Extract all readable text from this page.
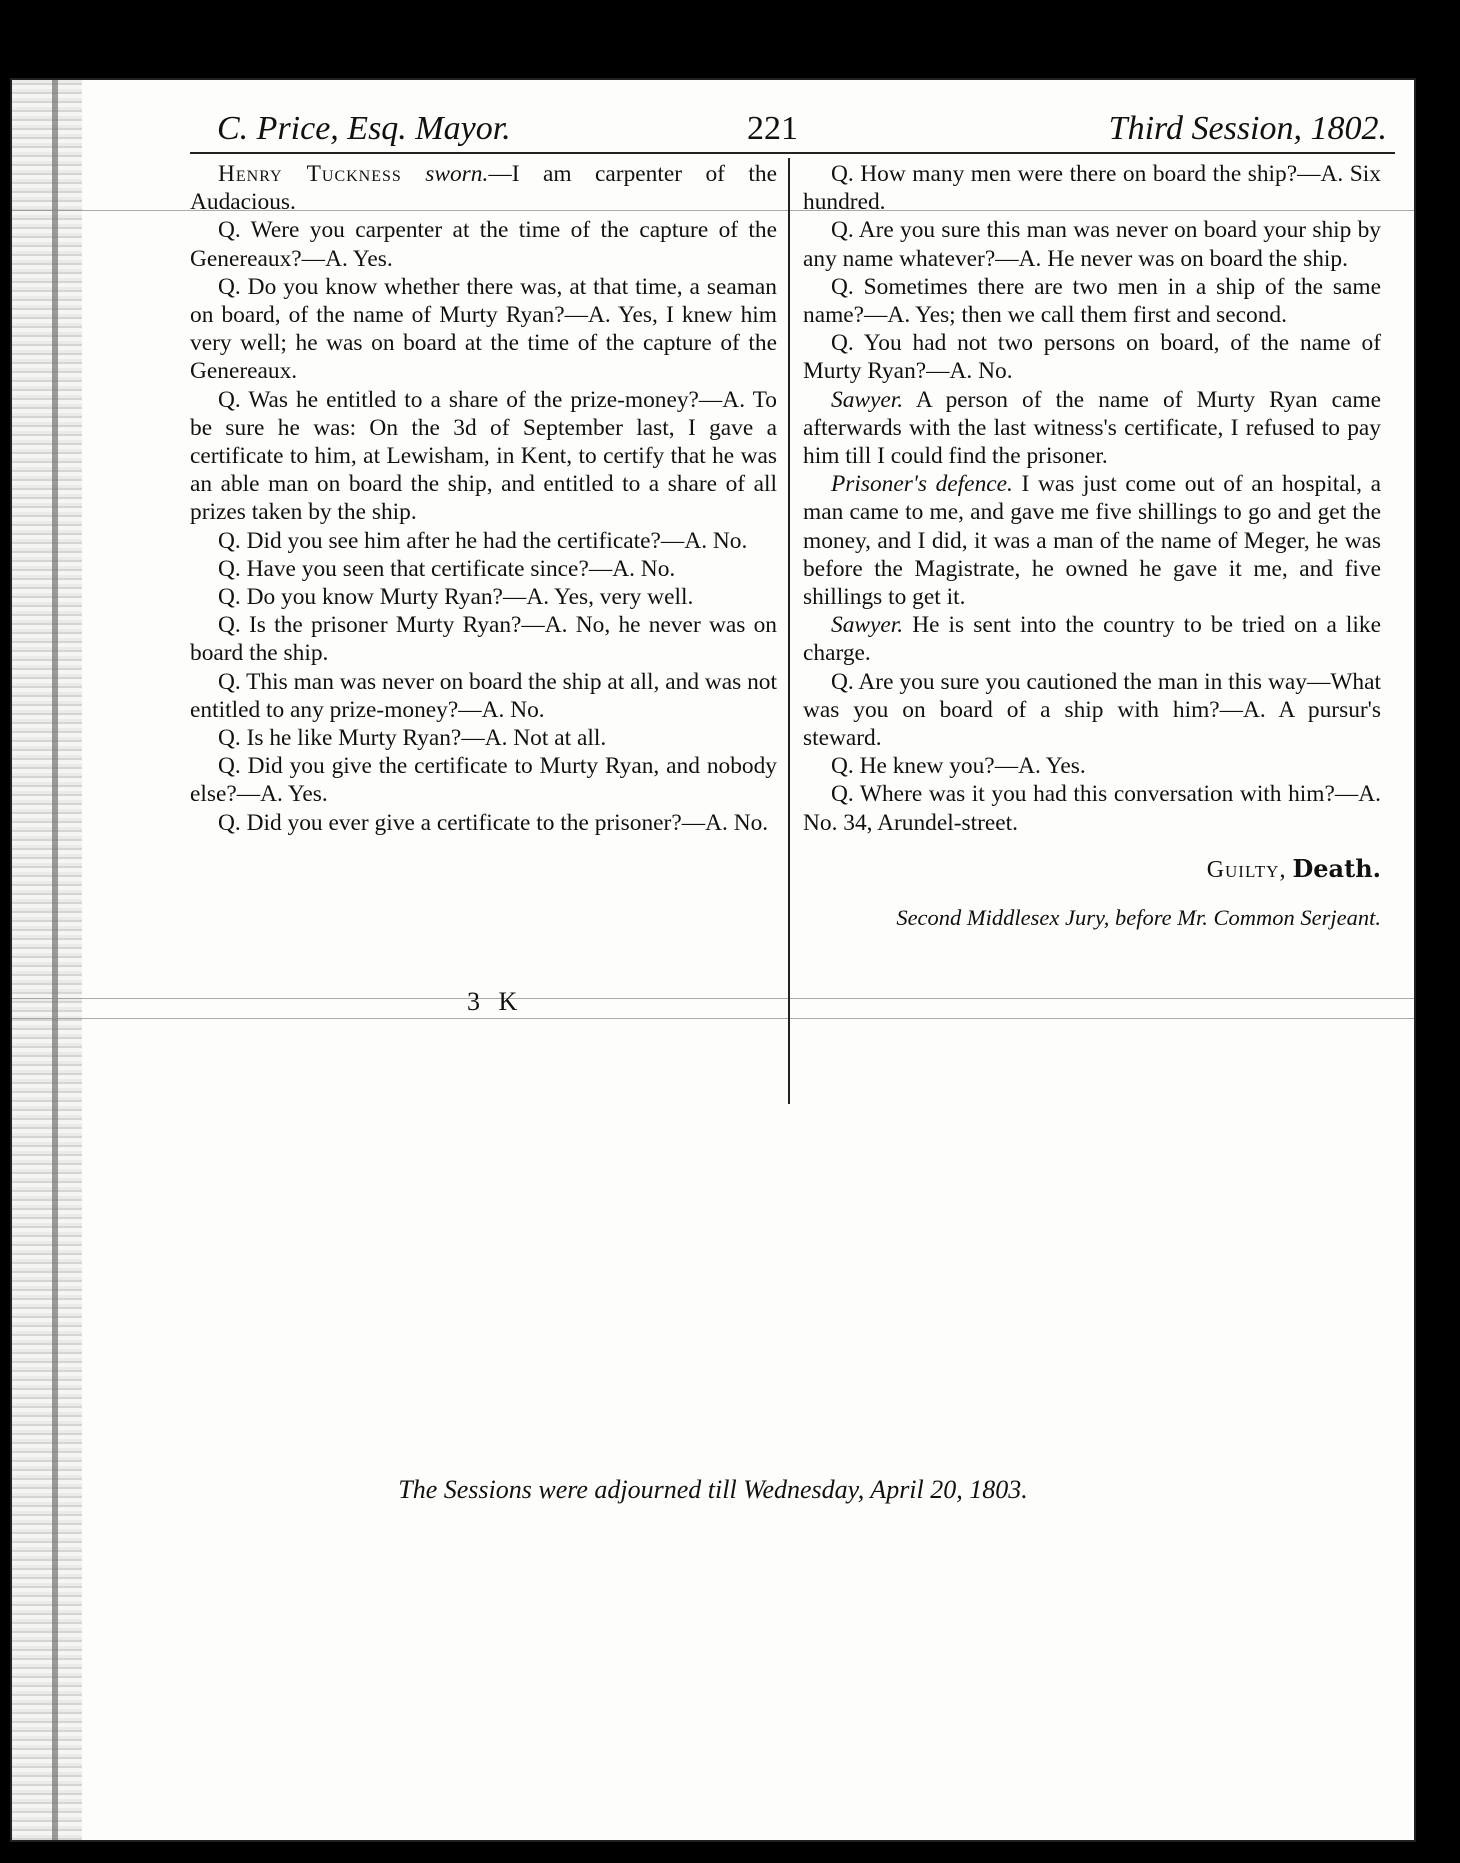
C. Price, Esq. Mayor.	221	Third Session, 1802.

Henry Tuckness sworn.—I am carpenter of the Audacious.

Q. Were you carpenter at the time of the capture of the Genereaux?—A. Yes.

Q. Do you know whether there was, at that time, a seaman on board, of the name of Murty Ryan?—A. Yes, I knew him very well; he was on board at the time of the capture of the Genereaux.

Q. Was he entitled to a share of the prize-money?—A. To be sure he was: On the 3d of September last, I gave a certificate to him, at Lewisham, in Kent, to certify that he was an able man on board the ship, and entitled to a share of all prizes taken by the ship.

Q. Did you see him after he had the certificate?—A. No.

Q. Have you seen that certificate since?—A. No.

Q. Do you know Murty Ryan?—A. Yes, very well.

Q. Is the prisoner Murty Ryan?—A. No, he never was on board the ship.

Q. This man was never on board the ship at all, and was not entitled to any prize-money?—A. No.

Q. Is he like Murty Ryan?—A. Not at all.

Q. Did you give the certificate to Murty Ryan, and nobody else?—A. Yes.

Q. Did you ever give a certificate to the prisoner?—A. No.

3 K

Q. How many men were there on board the ship?—A. Six hundred.

Q. Are you sure this man was never on board your ship by any name whatever?—A. He never was on board the ship.

Q. Sometimes there are two men in a ship of the same name?—A. Yes; then we call them first and second.

Q. You had not two persons on board, of the name of Murty Ryan?—A. No.

Sawyer. A person of the name of Murty Ryan came afterwards with the last witness's certificate, I refused to pay him till I could find the prisoner.

Prisoner's defence. I was just come out of an hospital, a man came to me, and gave me five shillings to go and get the money, and I did, it was a man of the name of Meger, he was before the Magistrate, he owned he gave it me, and five shillings to get it.

Sawyer. He is sent into the country to be tried on a like charge.

Q. Are you sure you cautioned the man in this way—What was you on board of a ship with him?—A. A pursur's steward.

Q. He knew you?—A. Yes.

Q. Where was it you had this conversation with him?—A. No. 34, Arundel-street.

Guilty, Death.
Second Middlesex Jury, before Mr. Common Serjeant.
The Sessions were adjourned till Wednesday, April 20, 1803.
